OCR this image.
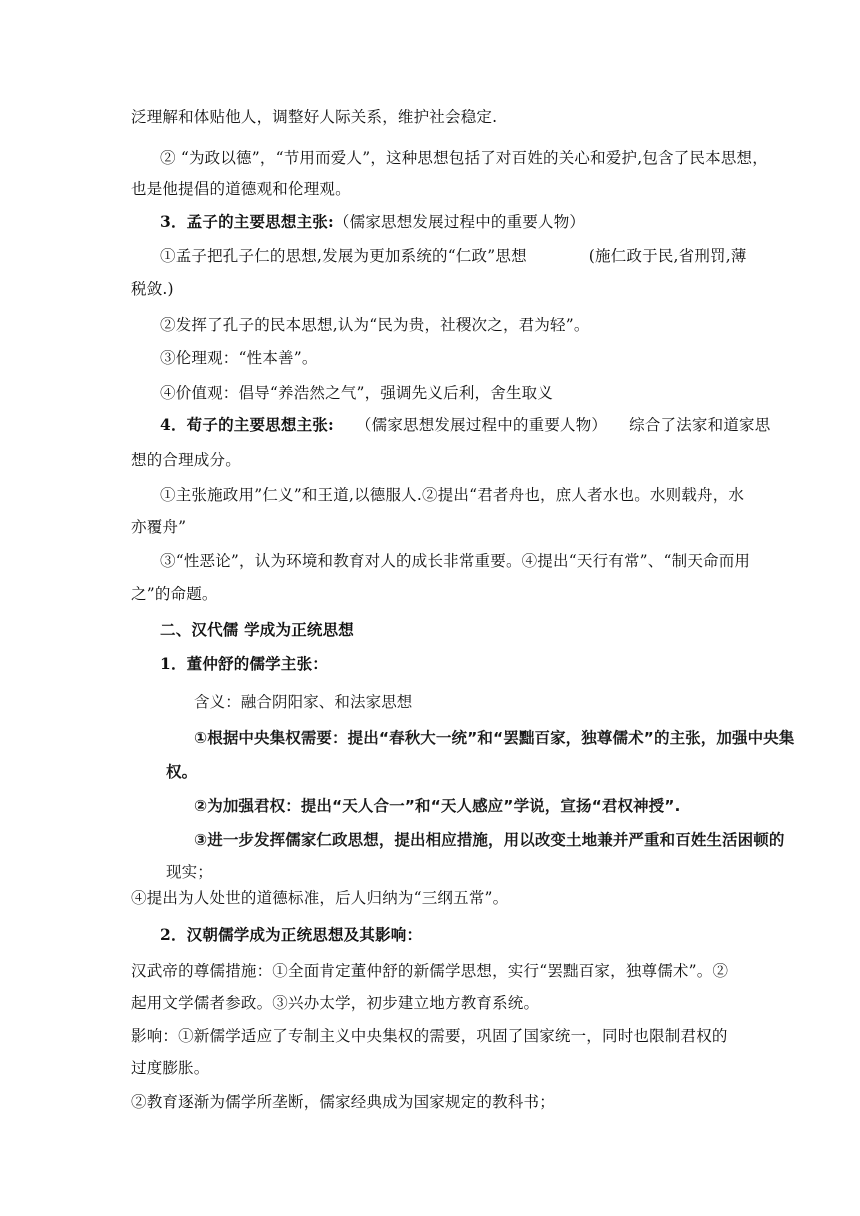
泛理解和体贴他人，调整好人际关系，维护社会稳定.
② “为政以德”，“节用而爱人”，这种思想包括了对百姓的关心和爱护,包含了民本思想，
也是他提倡的道德观和伦理观。
3．孟子的主要思想主张:（儒家思想发展过程中的重要人物）
①孟子把孔子仁的思想,发展为更加系统的“仁政”思想	(施仁政于民,省刑罚,薄
税敛.)
②发挥了孔子的民本思想,认为“民为贵，社稷次之，君为轻”。
③伦理观：“性本善”。
④价值观：倡导“养浩然之气”，强调先义后利，舍生取义
4．荀子的主要思想主张: （儒家思想发展过程中的重要人物） 综合了法家和道家思
想的合理成分。
①主张施政用”仁义”和王道,以德服人.②提出“君者舟也，庶人者水也。水则载舟，水
亦覆舟”
③“性恶论”，认为环境和教育对人的成长非常重要。④提出“天行有常”、“制天命而用
之”的命题。
二、汉代儒 学成为正统思想
1．董仲舒的儒学主张：
含义：融合阴阳家、和法家思想
①根据中央集权需要：提出“春秋大一统”和“罢黜百家，独尊儒术”的主张，加强中央集
权。
②为加强君权：提出“天人合一”和“天人感应”学说，宣扬“君权神授”.
③进一步发挥儒家仁政思想，提出相应措施，用以改变土地兼并严重和百姓生活困顿的
现实；
④提出为人处世的道德标准，后人归纳为“三纲五常”。
2．汉朝儒学成为正统思想及其影响：
汉武帝的尊儒措施：①全面肯定董仲舒的新儒学思想，实行“罢黜百家，独尊儒术”。②
起用文学儒者参政。③兴办太学，初步建立地方教育系统。
影响：①新儒学适应了专制主义中央集权的需要，巩固了国家统一，同时也限制君权的
过度膨胀。
②教育逐渐为儒学所垄断，儒家经典成为国家规定的教科书；
